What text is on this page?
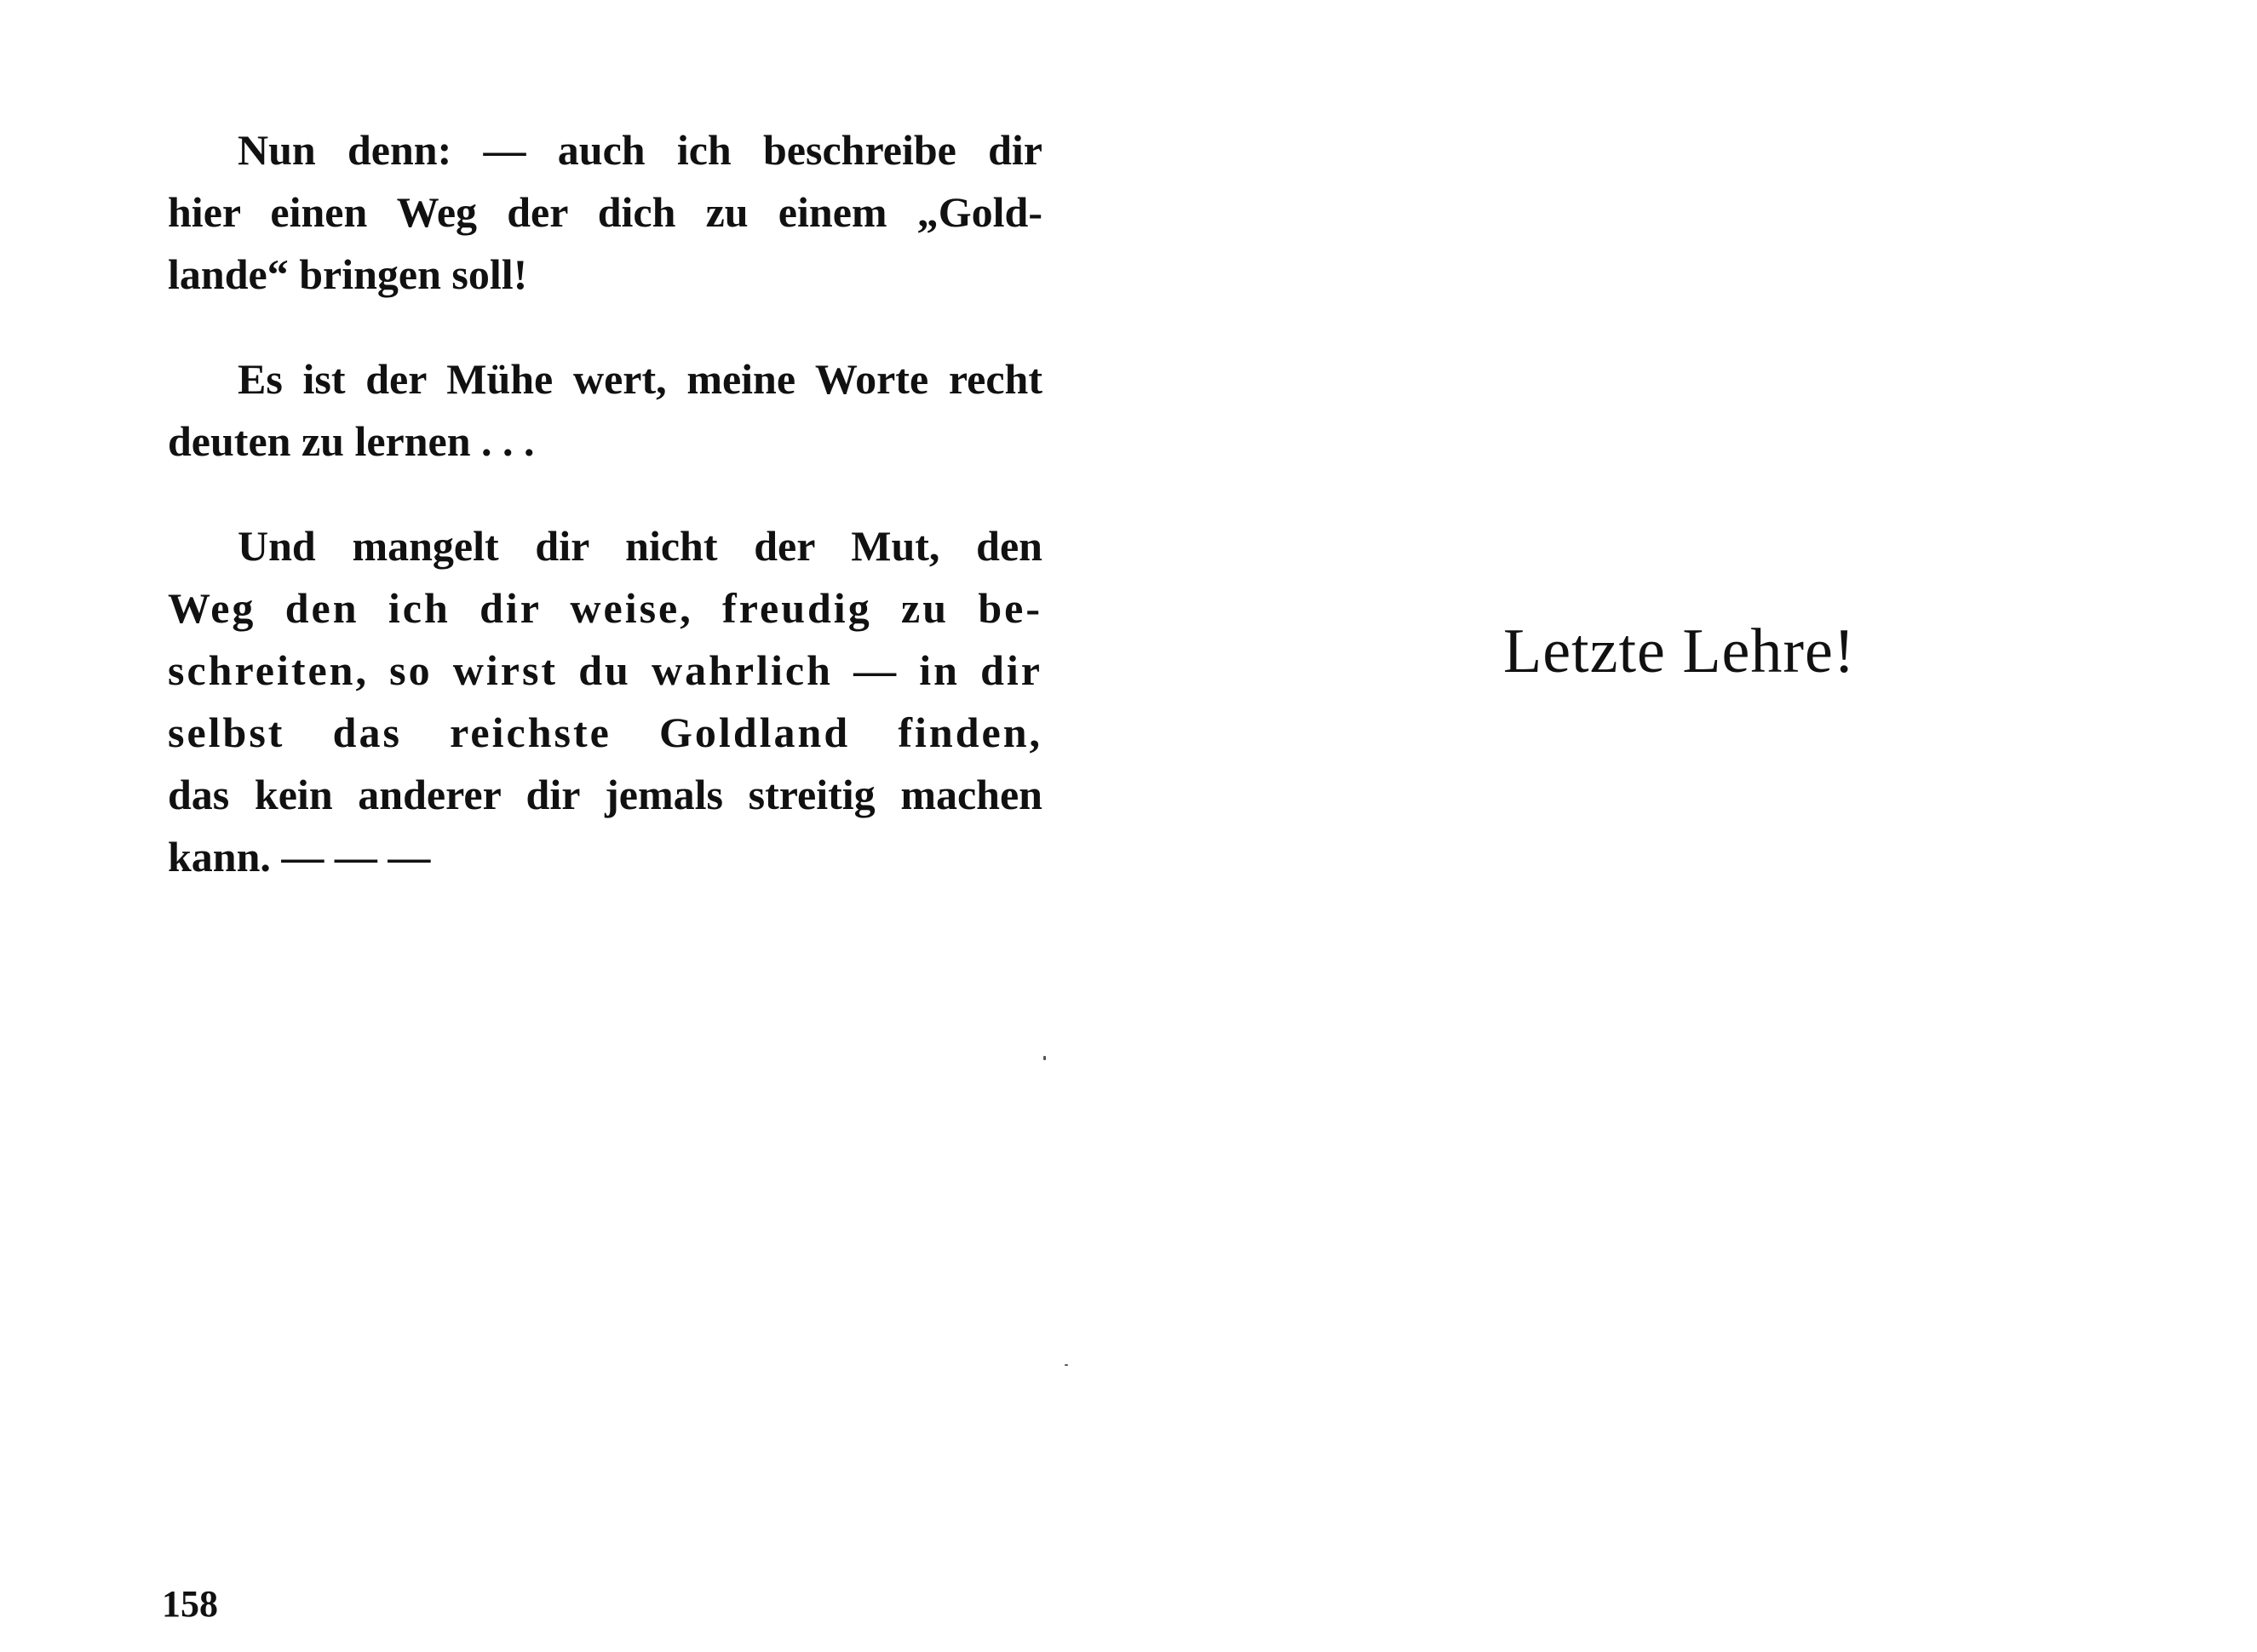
Nun denn: — auch ich beschreibe dir
hier einen Weg der dich zu einem „Gold-
lande“ bringen soll!

Es ist der Mühe wert, meine Worte recht
deuten zu lernen . . .

Und mangelt dir nicht der Mut, den
Weg den ich dir weise, freudig zu be-
schreiten, so wirst du wahrlich — in dir
selbst das reichste Goldland finden,
das kein anderer dir jemals streitig machen
kann. — — —

158
Letzte Lehre!
